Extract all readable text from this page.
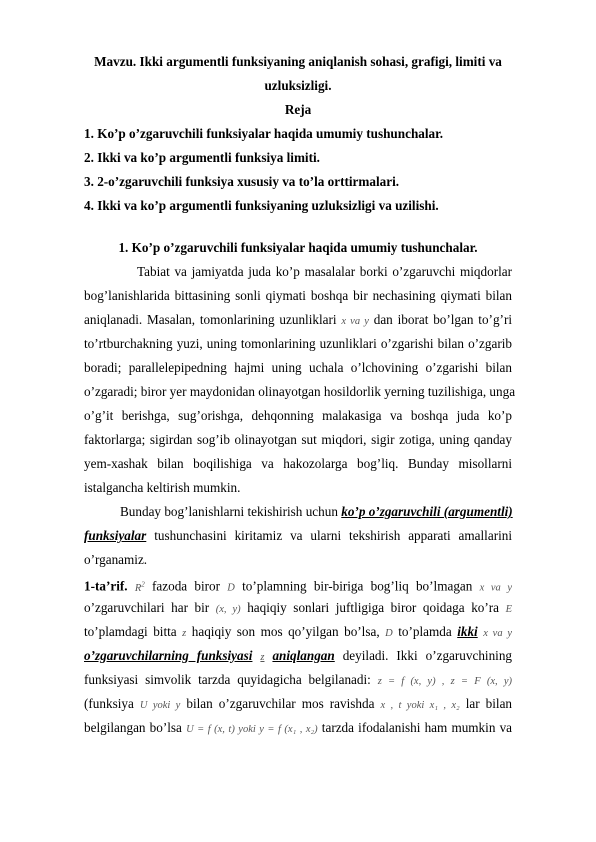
Mavzu. Ikki argumentli funksiyaning aniqlanish sohasi, grafigi, limiti va
uzluksizligi.
Reja
1. Ko’p o’zgaruvchili funksiyalar haqida umumiy tushunchalar.
2. Ikki va ko’p argumentli funksiya limiti.
3. 2-o’zgaruvchili funksiya xususiy va to’la orttirmalari.
4. Ikki va ko’p argumentli funksiyaning uzluksizligi va uzilishi.
1. Ko’p o’zgaruvchili funksiyalar haqida umumiy tushunchalar.
Tabiat va jamiyatda juda ko’p masalalar borki o’zgaruvchi miqdorlar
bog’lanishlarida bittasining sonli qiymati boshqa bir nechasining qiymati bilan
aniqlanadi. Masalan, tomonlarining uzunliklari x va y dan iborat bo’lgan to’g’ri
to’rtburchakning yuzi, uning tomonlarining uzunliklari o’zgarishi bilan o’zgarib
boradi; parallelepipedning hajmi uning uchala o’lchovining o’zgarishi bilan
o’zgaradi; biror yer maydonidan olinayotgan hosildorlik yerning tuzilishiga, unga
o’g’it berishga, sug’orishga, dehqonning malakasiga va boshqa juda ko’p
faktorlarga; sigirdan sog’ib olinayotgan sut miqdori, sigir zotiga, uning qanday
yem-xashak bilan boqilishiga va hakozolarga bog’liq. Bunday misollarni
istalgancha keltirish mumkin.
Bunday bog’lanishlarni tekishirish uchun ko’p o’zgaruvchili (argumentli)
funksiyalar tushunchasini kiritamiz va ularni tekshirish apparati amallarini
o’rganamiz.
1-ta’rif. $R^2$ fazoda biror D to’plamning bir-biriga bog’liq bo’lmagan x va y
o’zgaruvchilari har bir (x, y) haqiqiy sonlari juftligiga biror qoidaga ko’ra E
to’plamdagi bitta z haqiqiy son mos qo’yilgan bo’lsa, D to’plamda ikki x va y
o’zgaruvchilarning funksiyasi z aniqlangan deyiladi. Ikki o’zgaruvchining
funksiyasi simvolik tarzda quyidagicha belgilanadi: z = f (x, y) , z = F (x, y)
(funksiya U yoki y bilan o’zgaruvchilar mos ravishda x , t yoki x₁ , x₂ lar bilan
belgilangan bo’lsa U = f (x, t) yoki y = f (x₁ , x₂) tarzda ifodalanishi ham mumkin va
